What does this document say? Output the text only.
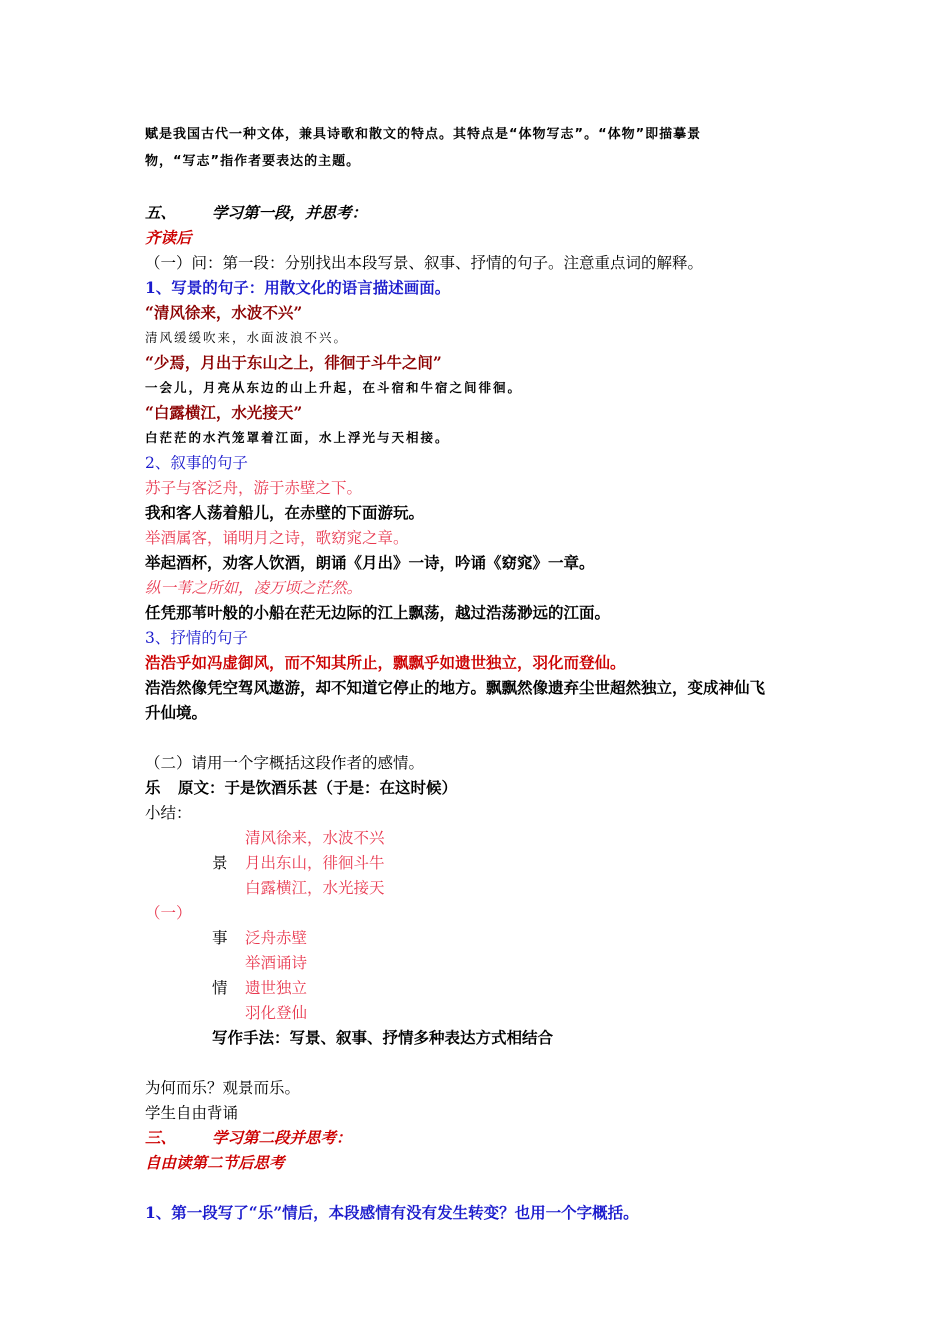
赋是我国古代一种文体，兼具诗歌和散文的特点。其特点是“体物写志”。“体物”即描摹景
物，“写志”指作者要表达的主题。
五、 学习第一段，并思考：
齐读后
（一）问：第一段：分别找出本段写景、叙事、抒情的句子。注意重点词的解释。
1、写景的句子：用散文化的语言描述画面。
“清风徐来，水波不兴”
清风缓缓吹来，水面波浪不兴。
“少焉，月出于东山之上，徘徊于斗牛之间”
一会儿，月亮从东边的山上升起，在斗宿和牛宿之间徘徊。
“白露横江，水光接天”
白茫茫的水汽笼罩着江面，水上浮光与天相接。
2、叙事的句子
苏子与客泛舟，游于赤壁之下。
我和客人荡着船儿，在赤壁的下面游玩。
举酒属客，诵明月之诗，歌窈窕之章。
举起酒杯，劝客人饮酒，朗诵《月出》一诗，吟诵《窈窕》一章。
纵一苇之所如，凌万顷之茫然。
任凭那苇叶般的小船在茫无边际的江上飘荡，越过浩荡渺远的江面。
3、抒情的句子
浩浩乎如冯虚御风，而不知其所止，飘飘乎如遗世独立，羽化而登仙。
浩浩然像凭空驾风遨游，却不知道它停止的地方。飘飘然像遗弃尘世超然独立，变成神仙飞
升仙境。
（二）请用一个字概括这段作者的感情。
乐 原文：于是饮酒乐甚（于是：在这时候）
小结：
清风徐来，水波不兴
景 月出东山，徘徊斗牛
白露横江，水光接天
（一）
事 泛舟赤壁
举酒诵诗
情 遗世独立
羽化登仙
写作手法：写景、叙事、抒情多种表达方式相结合
为何而乐？观景而乐。
学生自由背诵
三、 学习第二段并思考：
自由读第二节后思考
1、第一段写了“乐”情后，本段感情有没有发生转变？也用一个字概括。
